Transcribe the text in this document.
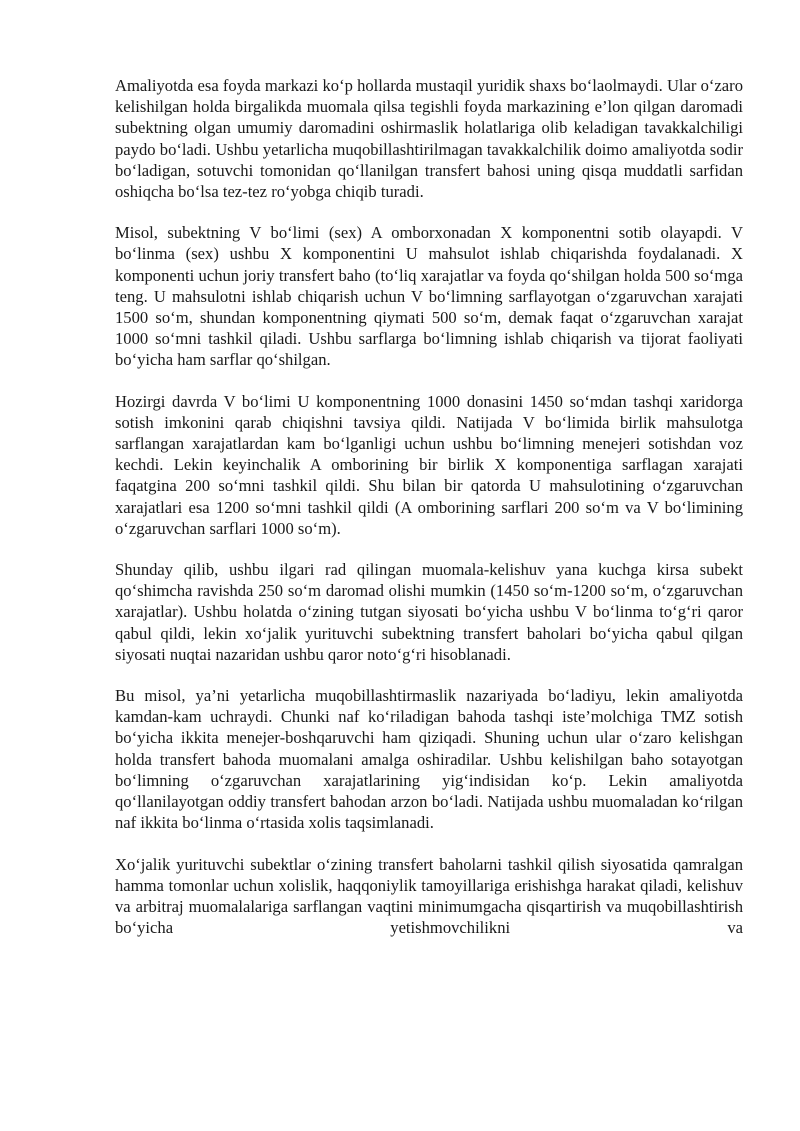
Amaliyotda esa foyda markazi ko‘p hollarda mustaqil yuridik shaxs bo‘laolmaydi. Ular o‘zaro kelishilgan holda birgalikda muomala qilsa tegishli foyda markazining e’lon qilgan daromadi subektning olgan umumiy daromadini oshirmaslik holatlariga olib keladigan tavakkalchiligi paydo bo‘ladi. Ushbu yetarlicha muqobillashtirilmagan tavakkalchilik doimo amaliyotda sodir bo‘ladigan, sotuvchi tomonidan qo‘llanilgan transfert bahosi uning qisqa muddatli sarfidan oshiqcha bo‘lsa tez-tez ro‘yobga chiqib turadi.

Misol, subektning V bo‘limi (sex) A omborxonadan X komponentni sotib olayapdi. V bo‘linma (sex) ushbu X komponentini U mahsulot ishlab chiqarishda foydalanadi. X komponenti uchun joriy transfert baho (to‘liq xarajatlar va foyda qo‘shilgan holda 500 so‘mga teng. U mahsulotni ishlab chiqarish uchun V bo‘limning sarflayotgan o‘zgaruvchan xarajati 1500 so‘m, shundan komponentning qiymati 500 so‘m, demak faqat o‘zgaruvchan xarajat 1000 so‘mni tashkil qiladi. Ushbu sarflarga bo‘limning ishlab chiqarish va tijorat faoliyati bo‘yicha ham sarflar qo‘shilgan.

Hozirgi davrda V bo‘limi U komponentning 1000 donasini 1450 so‘mdan tashqi xaridorga sotish imkonini qarab chiqishni tavsiya qildi. Natijada V bo‘limida birlik mahsulotga sarflangan xarajatlardan kam bo‘lganligi uchun ushbu bo‘limning menejeri sotishdan voz kechdi. Lekin keyinchalik A omborining bir birlik X komponentiga sarflagan xarajati faqatgina 200 so‘mni tashkil qildi. Shu bilan bir qatorda U mahsulotining o‘zgaruvchan xarajatlari esa 1200 so‘mni tashkil qildi (A omborining sarflari 200 so‘m va V bo‘limining o‘zgaruvchan sarflari 1000 so‘m).

Shunday qilib, ushbu ilgari rad qilingan muomala-kelishuv yana kuchga kirsa subekt qo‘shimcha ravishda 250 so‘m daromad olishi mumkin (1450 so‘m-1200 so‘m, o‘zgaruvchan xarajatlar). Ushbu holatda o‘zining tutgan siyosati bo‘yicha ushbu V bo‘linma to‘g‘ri qaror qabul qildi, lekin xo‘jalik yurituvchi subektning transfert baholari bo‘yicha qabul qilgan siyosati nuqtai nazaridan ushbu qaror noto‘g‘ri hisoblanadi.

Bu misol, ya’ni yetarlicha muqobillashtirmaslik nazariyada bo‘ladiyu, lekin amaliyotda kamdan-kam uchraydi. Chunki naf ko‘riladigan bahoda tashqi iste’molchiga TMZ sotish bo‘yicha ikkita menejer-boshqaruvchi ham qiziqadi. Shuning uchun ular o‘zaro kelishgan holda transfert bahoda muomalani amalga oshiradilar. Ushbu kelishilgan baho sotayotgan bo‘limning o‘zgaruvchan xarajatlarining yig‘indisidan ko‘p. Lekin amaliyotda qo‘llanilayotgan oddiy transfert bahodan arzon bo‘ladi. Natijada ushbu muomaladan ko‘rilgan naf ikkita bo‘linma o‘rtasida xolis taqsimlanadi.

Xo‘jalik yurituvchi subektlar o‘zining transfert baholarni tashkil qilish siyosatida qamralgan hamma tomonlar uchun xolislik, haqqoniylik tamoyillariga erishishga harakat qiladi, kelishuv va arbitraj muomalalariga sarflangan vaqtini minimumgacha qisqartirish va muqobillashtirish bo‘yicha yetishmovchilikni va
